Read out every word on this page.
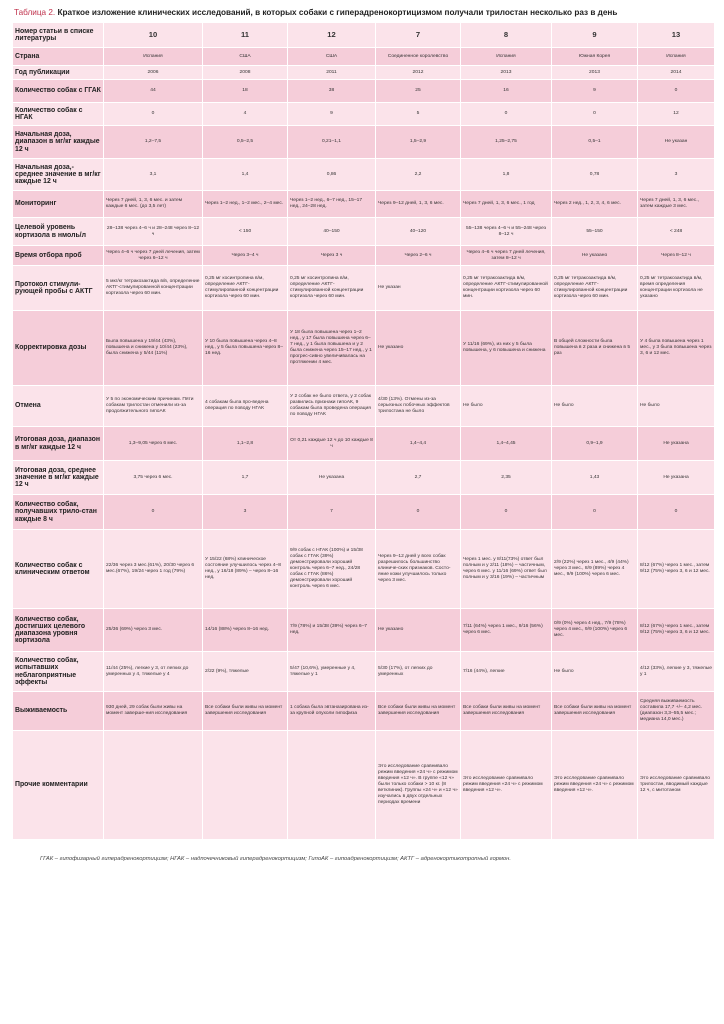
Таблица 2. Краткое изложение клинических исследований, в которых собаки с гиперадренокортицизмом получали трилостан несколько раз в день
Номер статьи в списке литературы	10	11	12	7	8	9	13
Страна	Испания	США	США	Соединенное королевство	Испания	Южная Корея	Испания
Год публикации	2006	2008	2011	2012	2013	2013	2014
Количество собак с ГГАК	44	18	38	25	16	9	0
Количество собак с НГАК	0	4	9	5	0	0	12
Начальная доза, диапазон в мг/кг каждые 12 ч	1,2–7,5	0,5–2,5	0,21–1,1	1,5–2,9	1,25–2,75	0,5–1	Не указан
Начальная доза,- среднее значение в мг/кг каждые 12 ч	3,1	1,4	0,86	2,2	1,8	0,78	3
Мониторинг	Через 7 дней, 1, 3, 6 мес. и затем каждые 6 мес. (до 3,5 лет)	Через 1–2 нед., 1–2 мес., 2–4 мес.	Через 1–2 нед., 6–7 нед., 15–17 нед., 24–28 нед.	Через 9–12 дней, 1, 3, 6 мес.	Через 7 дней, 1, 3, 6 мес., 1 год	Через 2 нед., 1, 2, 3, 4, 6 мес.	Через 7 дней, 1, 3, 6 мес., затем каждые 3 мес.
Целевой уровень кортизола в нмоль/л	28–138 через 4–6 ч и 28–248 через 8–12 ч	< 150	40–150	40–120	55–138 через 4–6 ч и 55–248 через 8–12 ч	55–150	< 248
Время отбора проб	Через 4–6 ч через 7 дней лечения, затем через 6–12 ч	Через 3–4 ч	Через 3 ч	Через 2–6 ч	Через 4–6 ч через 7 дней лечения, затем 8–12 ч	Не указано	Через 8–12 ч
Протокол стимули-рующей пробы с АКТГ	5 мкг/кг тетракозактида в/в, определение АКТГ-стимулированной концентрации кортизола через 60 мин.	0,25 мг косинтропина в/м, определение АКТГ-стимулированной концентрации кортизола через 60 мин.	0,25 мг косинтропина в/м, определение АКТГ-стимулированной концентрации кортизола через 60 мин.	Не указан	0,25 мг тетракозактида в/м, определение АКТГ-стимулированной концентрации кортизола через 60 мин.	0,25 мг тетракозактида в/м, определение АКТГ-стимулированной концентрации кортизола через 60 мин.	0,25 мг тетракозактида в/м, время определения концентрации кортизола не указано
Корректировка дозы	Была повышена у 19/44 (43%), повышена и снижена у 10/44 (23%), была снижена у 5/44 (11%)	У 10 была повышена через 4–8 нед., у 5 была повышена через 8–16 нед.	У 18 была повышена через 1–2 нед., у 17 была повышена через 6–7 нед., у 1 была повышена и у 2 была снижена через 15–17 нед., у 1 прогрес-сивно увеличивалась на протяжении 4 мес.	Не указано	У 11/16 (69%), из них у 5 была повышена, у 6 повышена и снижена	В общей сложности была повышена в 2 раза и снижена в 5 раз	У 4 была повышена через 1 мес., у 3 была повышена через 3, 6 и 12 мес.
Отмена	У 5 по экономическим причинам. Пяти собакам трилостан отменили из-за продолжительного гипоАК	4 собакам была про-ведена операция по поводу НГАК	У 2 собак не было ответа, у 2 собак развились признаки гипоАК, 9 собакам была проведена операция по поводу НГАК	4/30 (13%). Отмены из-за серьезных побочных эффектов трилостана не было	Не было	Не было	Не было
Итоговая доза, диапазон в мг/кг каждые 12 ч	1,3–9,05 через 6 мес.	1,1–2,8	От 0,21 каждые 12 ч до 10 каждые 8 ч	1,4–4,4	1,4–4,45	0,9–1,9	Не указана
Итоговая доза, среднее значение в мг/кг каждые 12 ч	3,75 через 6 мес.	1,7	Не указана	2,7	2,35	1,43	Не указана
Количество собак, получавших трило-стан каждые 8 ч	0	3	7	0	0	0	0
Количество собак с клиническим ответом	22/36 через 3 мес.(61%), 20/30 через 6 мес.(67%), 19/24 через 1 год (79%)	У 15/22 (68%) клиническое состояние улучшилось через 4–8 нед., у 16/18 (89%) – через 8–16 нед.	9/9 собак с НГАК (100%) и 15/38 собак с ГГАК (39%) демонстрировали хороший контроль через 6–7 нед., 24/28 собак с ГГАК (86%) демонстрировали хороший контроль через 6 мес.	Через 9–12 дней у всех собак разрешилось большинство клиниче-ских признаков. Состо-яние кожи улучшилось только через 3 мес.	Через 1 мес. у 8/11(73%) ответ был полным и у 2/11 (18%) – частичным, через 6 мес. у 11/16 (69%) ответ был полным и у 3/16 (19%) – частичным	2/9 (22%) через 1 мес., 4/9 (44%) через 3 мес., 8/9 (89%) через 4 мес., 9/9 (100%) через 6 мес.	8/12 (67%) через 1 мес., затем 9/12 (75%) через 3, 6 и 12 мес.
Количество собак, достигших целевого диапазона уровня кортизола	25/36 (69%) через 3 мес.	14/16 (88%) через 8–16 нед.	7/9 (78%) и 15/38 (39%) через 6–7 нед.	Не указано	7/11 (64%) через 1 мес., 9/16 (56%) через 6 мес.	0/9 (0%) через 4 нед., 7/9 (78%) через 4 мес., 9/9 (100%) через 6 мес.	8/12 (67%) через 1 мес., затем 9/12 (75%) через 3, 6 и 12 мес.
Количество собак, испытавших неблагоприятные эффекты	11/44 (25%), легкие у 3, от легких до умеренных у 4, тяжелые у 4	2/22 (9%), тяжелые	5/47 (10,6%), умеренные у 4, тяжелые у 1	5/30 (17%), от легких до умеренных	7/16 (44%), легкие	Не было	4/12 (33%), легкие у 3, тяжелые у 1
Выживаемость	930 дней, 29 собак были живы на момент заверше-ния исследования	Все собаки были живы на момент завершения исследования	1 собака была эвтаназирована из-за крупной опухоли гипофиза	Все собаки были живы на момент завершения исследования	Все собаки были живы на момент завершения исследования	Все собаки были живы на момент завершения исследования	Средняя выживаемость составила 17,7 +/– 4,2 мес. (диапазон 3,3–55,5 мес.; медиана 14,0 мес.)
Прочие комментарии				Это исследование сравнивало режим введения «24 ч» с режимом введения «12 ч». В группе «12 ч» были только собаки > 10 кг. (8 ветклиник). Группы «24 ч» и «12 ч» изучались в двух отдельных периодах времени	Это исследование сравнивало режим введения «24 ч» с режимом введения «12 ч».	Это исследование сравнивало режим введения «24 ч» с режимом введения «12 ч».	Это исследование сравнивало трилостан, вводимый каждые 12 ч, с митотаном
ГГАК – гипофизарный гиперадренокортицизм; НГАК – надпочечниковый гиперадренокортицизм; ГипоАК – гипоадренокортицизм; АКТГ – адренокортикотропный гормон.
